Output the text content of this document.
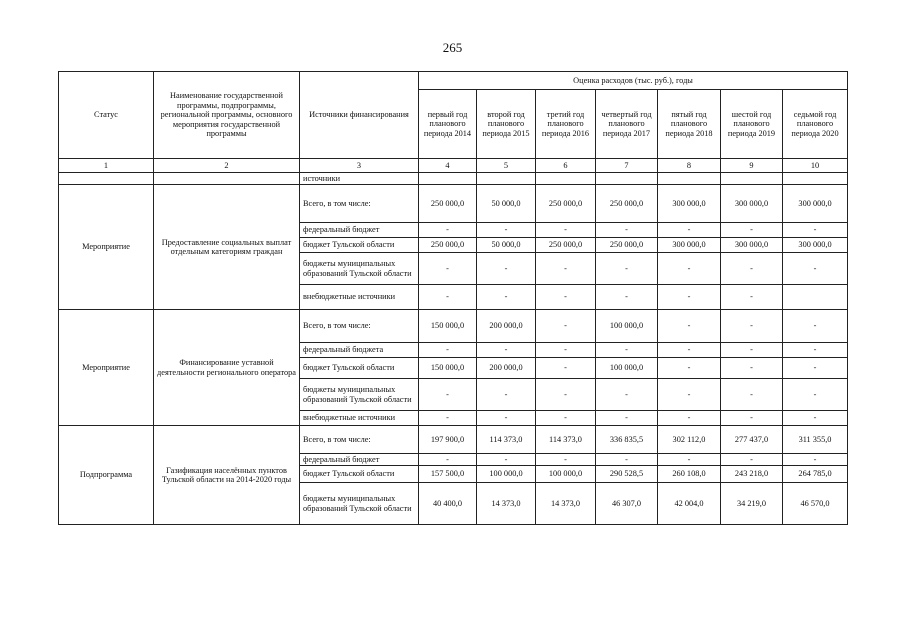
265
Статус	Наименование государственной программы, подпрограммы, региональной программы, основного мероприятия государственной программы	Источники финансирования	Оценка расходов (тыс. руб.), годы						
			первый год планового периода 2014	второй год планового периода 2015	третий год планового периода 2016	четвертый год планового периода 2017	пятый год планового периода 2018	шестой год планового периода 2019	седьмой год планового периода 2020
1	2	3	4	5	6	7	8	9	10
		источники							
Мероприятие	Предоставление социальных выплат отдельным категориям граждан	Всего, в том числе:	250 000,0	50 000,0	250 000,0	250 000,0	300 000,0	300 000,0	300 000,0
		федеральный бюджет	-	-	-	-	-	-	-
		бюджет Тульской области	250 000,0	50 000,0	250 000,0	250 000,0	300 000,0	300 000,0	300 000,0
		бюджеты муниципальных образований Тульской области	-	-	-	-	-	-	-
		внебюджетные источники	-	-	-	-	-	-	
Мероприятие	Финансирование уставной деятельности регионального оператора	Всего, в том числе:	150 000,0	200 000,0	-	100 000,0	-	-	-
		федеральный бюджета	-	-	-	-	-	-	-
		бюджет Тульской области	150 000,0	200 000,0	-	100 000,0	-	-	-
		бюджеты муниципальных образований Тульской области	-	-	-	-	-	-	-
		внебюджетные источники	-	-	-	-	-	-	-
Подпрограмма	Газификация населённых пунктов Тульской области на 2014-2020 годы	Всего, в том числе:	197 900,0	114 373,0	114 373,0	336 835,5	302 112,0	277 437,0	311 355,0
		федеральный бюджет	-	-	-	-	-	-	-
		бюджет Тульской области	157 500,0	100 000,0	100 000,0	290 528,5	260 108,0	243 218,0	264 785,0
		бюджеты муниципальных образований Тульской области	40 400,0	14 373,0	14 373,0	46 307,0	42 004,0	34 219,0	46 570,0
